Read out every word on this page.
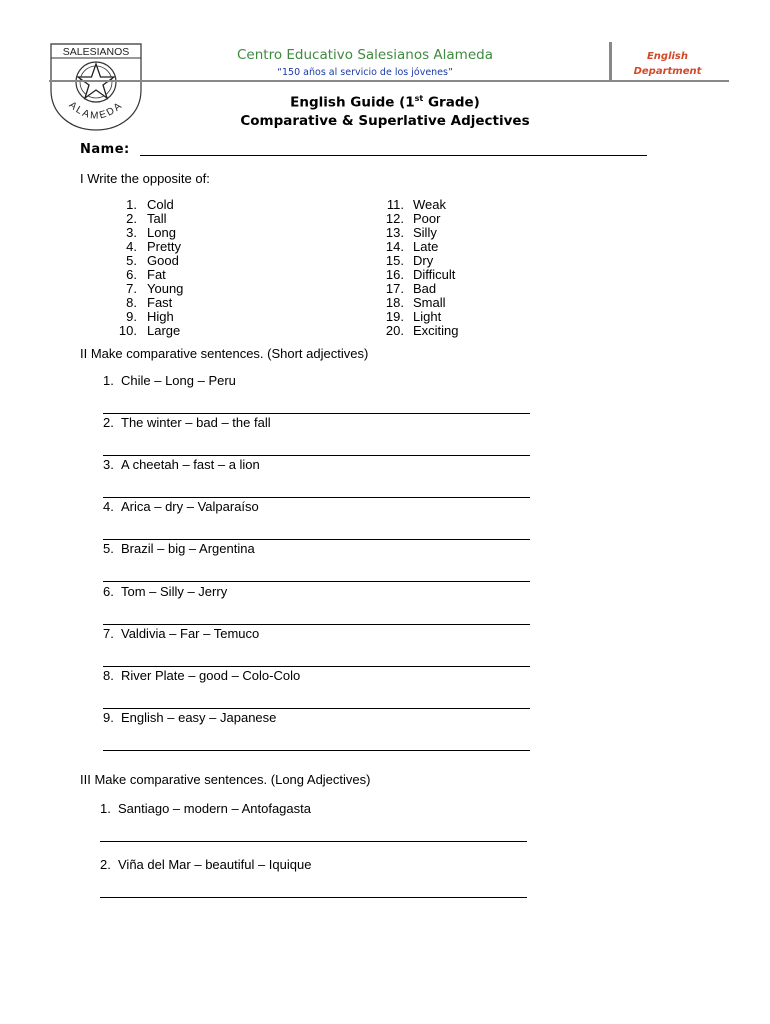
SALESIANOS
ALAMEDA
Centro Educativo Salesianos Alameda
“150 años al servicio de los jóvenes”
English
Department
English Guide (1st Grade)
Comparative & Superlative Adjectives
Name:
I Write the opposite of:
1. Cold
2. Tall
3. Long
4. Pretty
5. Good
6. Fat
7. Young
8. Fast
9. High
10. Large
11. Weak
12. Poor
13. Silly
14. Late
15. Dry
16. Difficult
17. Bad
18. Small
19. Light
20. Exciting
II Make comparative sentences. (Short adjectives)
1. Chile – Long – Peru
2. The winter – bad – the fall
3. A cheetah – fast – a lion
4. Arica – dry – Valparaíso
5. Brazil – big – Argentina
6. Tom – Silly – Jerry
7. Valdivia – Far – Temuco
8. River Plate – good – Colo-Colo
9. English – easy – Japanese
III Make comparative sentences. (Long Adjectives)
1. Santiago – modern – Antofagasta
2. Viña del Mar – beautiful – Iquique
